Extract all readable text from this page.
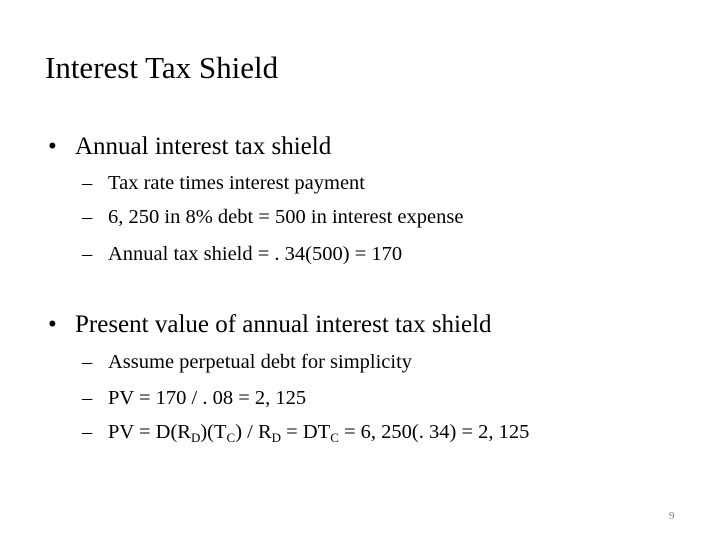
Interest Tax Shield
• Annual interest tax shield
– Tax rate times interest payment
– 6, 250 in 8% debt = 500 in interest expense
– Annual tax shield = . 34(500) = 170
• Present value of annual interest tax shield
– Assume perpetual debt for simplicity
– PV = 170 / . 08 = 2, 125
– PV = $D(R_D)(T_C) / R_D = DT_C = 6$, 250(. 34) = 2, 125
9
